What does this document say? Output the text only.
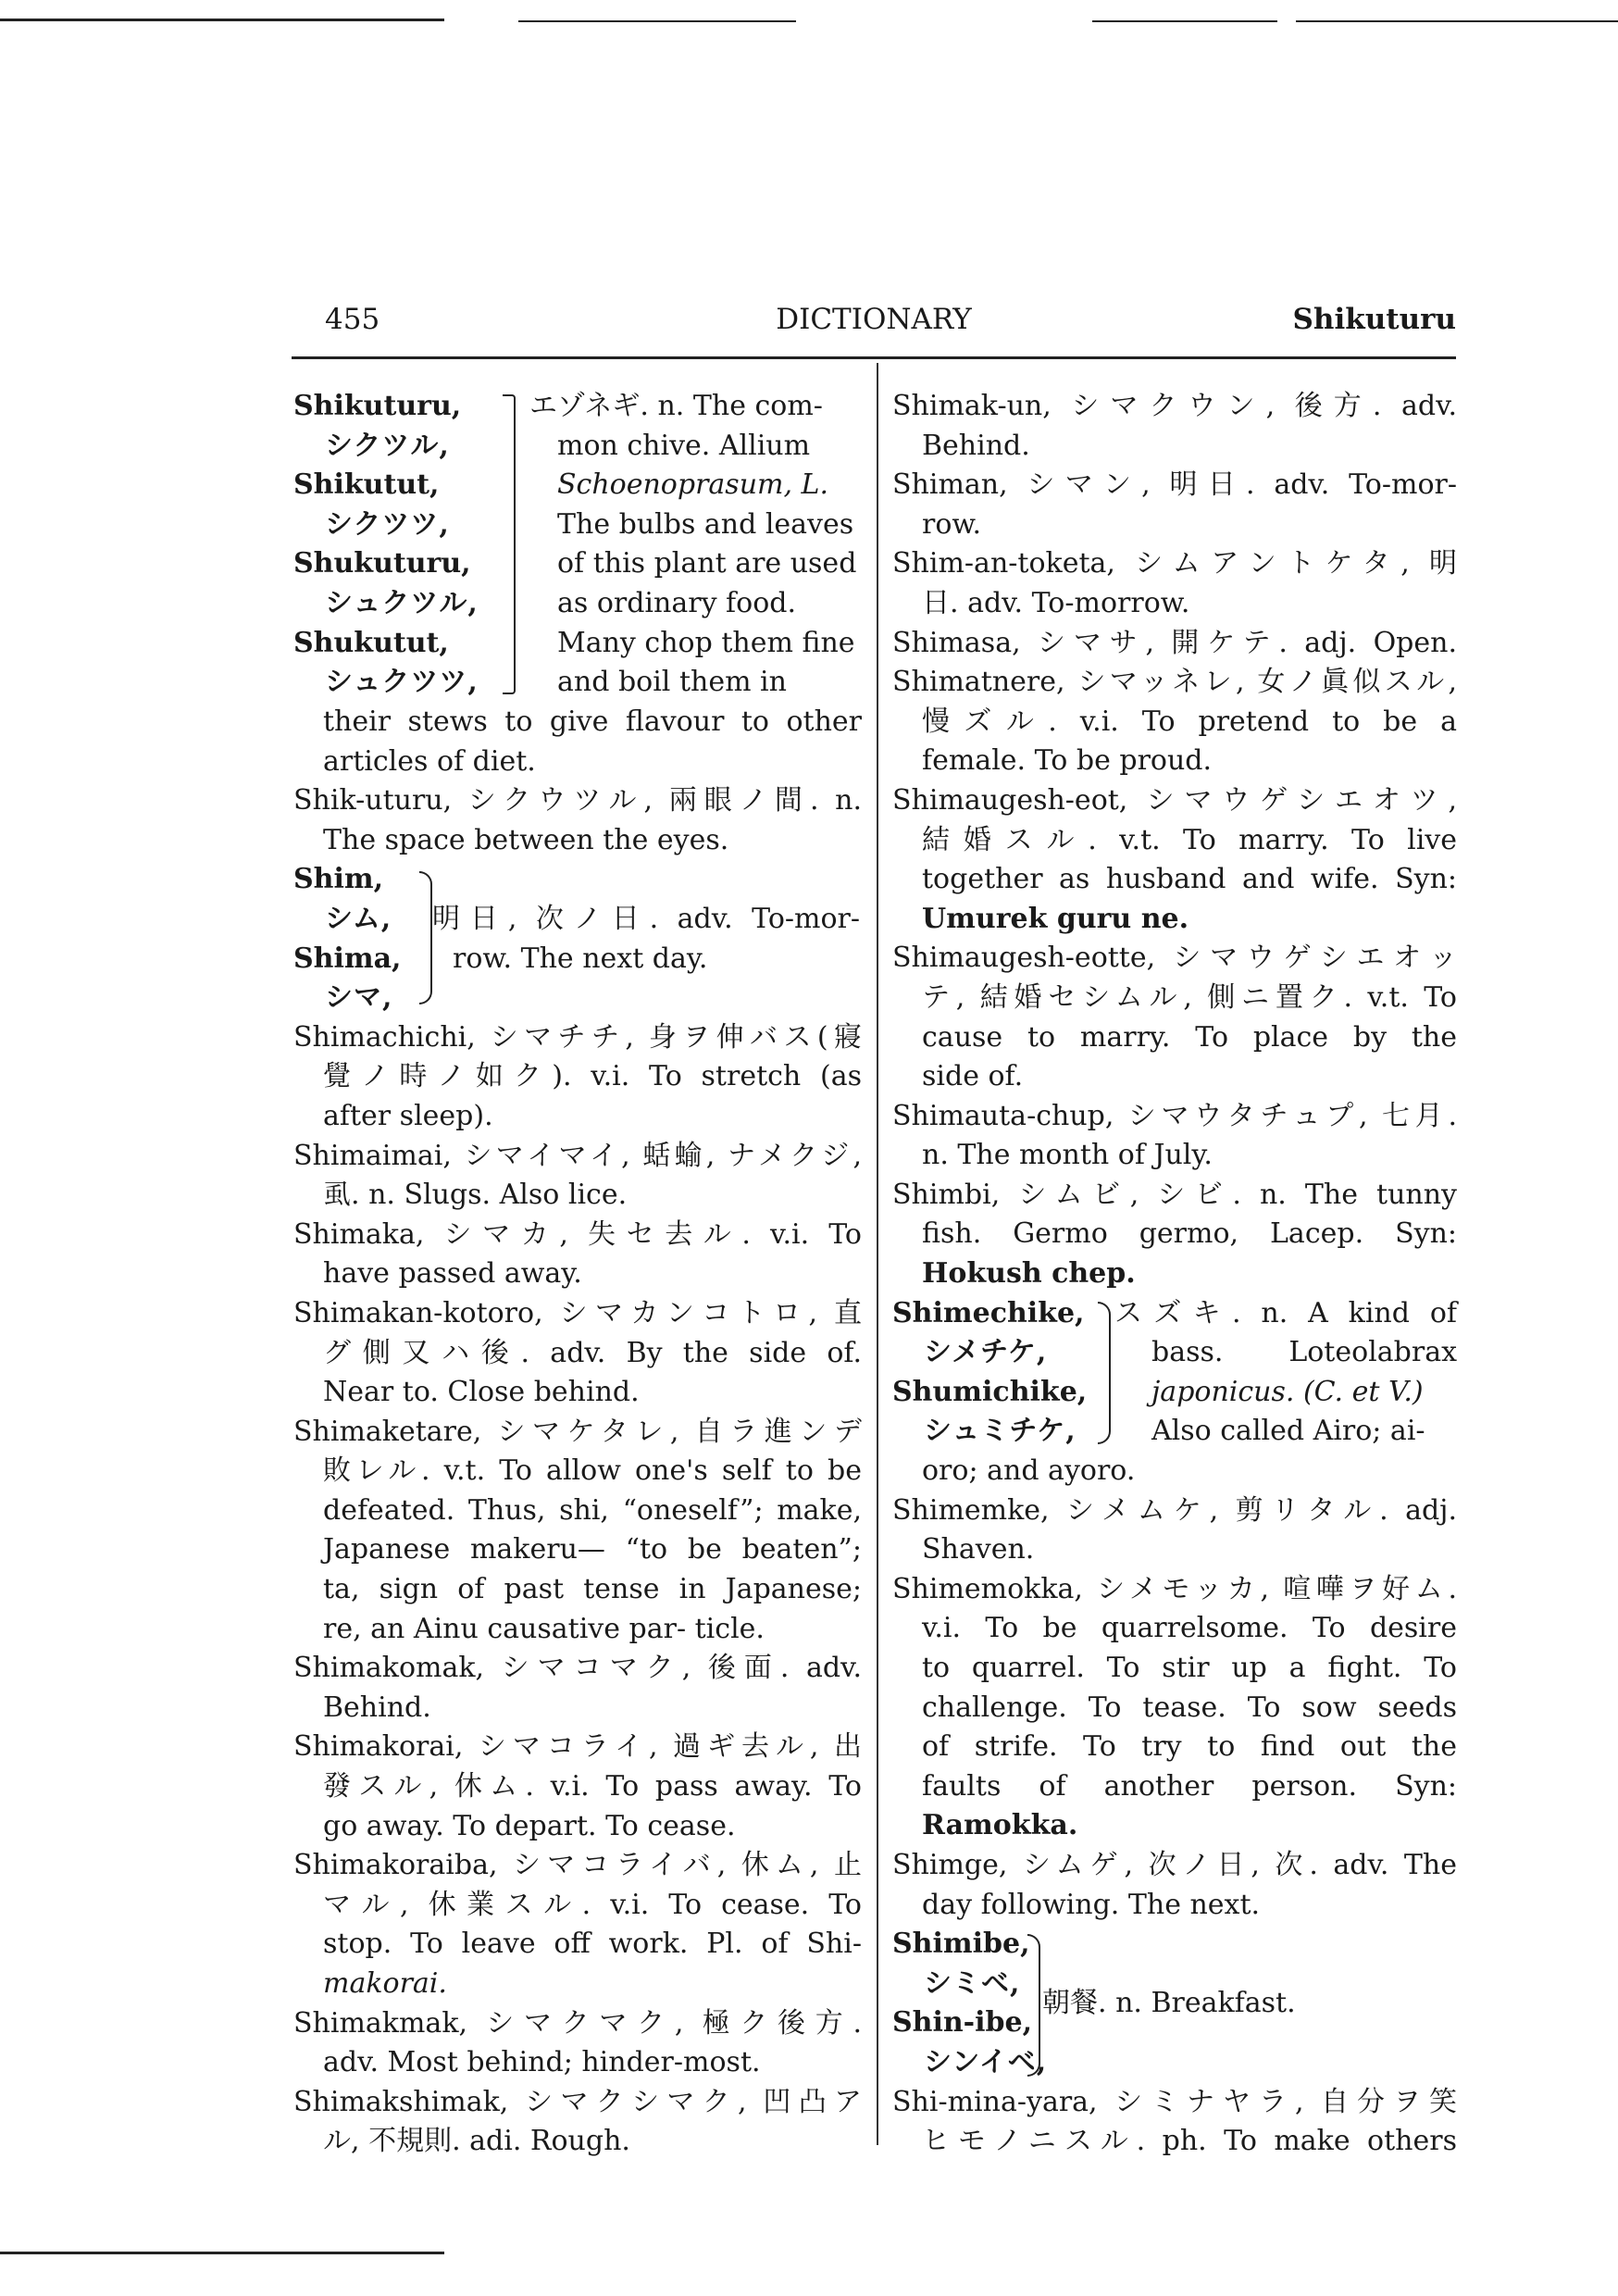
455	DICTIONARY	Shikuturu
Shikuturu,
シクツル,
Shikutut,
シクツツ,
Shukuturu,
シュクツル,
Shukutut,
シュクツツ,
エゾネギ. n. The com-
mon chive. Allium
Schoenoprasum, L.
The bulbs and leaves
of this plant are used
as ordinary food.
Many chop them fine
and boil them in
their stews to give flavour to other
articles of diet.
Shik-uturu, シクウツル, 兩眼ノ間. n.
The space between the eyes.
Shim,
シム,
Shima,
シマ,
明日, 次ノ日. adv. To-mor-
row. The next day.
Shimachichi, シマチチ, 身ヲ伸バス(寢
覺ノ時ノ如ク). v.i. To stretch (as
after sleep).
Shimaimai, シマイマイ, 蛞蝓, ナメクジ,
虱. n. Slugs. Also lice.
Shimaka, シマカ, 失セ去ル. v.i. To
have passed away.
Shimakan-kotoro, シマカンコトロ, 直
グ側又ハ後. adv. By the side of.
Near to. Close behind.
Shimaketare, シマケタレ, 自ラ進ンデ
敗レル. v.t. To allow one's self to be
defeated. Thus, shi, “oneself”; make,
Japanese makeru— “to be beaten”;
ta, sign of past tense in Japanese;
re, an Ainu causative par- ticle.
Shimakomak, シマコマク, 後面. adv.
Behind.
Shimakorai, シマコライ, 過ギ去ル, 出
發スル, 休ム. v.i. To pass away. To
go away. To depart. To cease.
Shimakoraiba, シマコライバ, 休ム, 止
マル, 休業スル. v.i. To cease. To
stop. To leave off work. Pl. of Shi-
makorai.
Shimakmak, シマクマク, 極ク後方.
adv. Most behind; hinder-most.
Shimakshimak, シマクシマク, 凹凸ア
ル, 不規則. adi. Rough.
Shimak-un, シマクウン, 後方. adv.
Behind.
Shiman, シマン, 明日. adv. To-mor-
row.
Shim-an-toketa, シムアントケタ, 明
日. adv. To-morrow.
Shimasa, シマサ, 開ケテ. adj. Open.
Shimatnere, シマッネレ, 女ノ眞似スル,
慢ズル. v.i. To pretend to be a
female. To be proud.
Shimaugesh-eot, シマウゲシエオツ,
結婚スル. v.t. To marry. To live
together as husband and wife. Syn:
Umurek guru ne.
Shimaugesh-eotte, シマウゲシエオッ
テ, 結婚セシムル, 側ニ置ク. v.t. To
cause to marry. To place by the
side of.
Shimauta-chup, シマウタチュプ, 七月.
n. The month of July.
Shimbi, シムビ, シビ. n. The tunny
fish. Germo germo, Lacep. Syn:
Hokush chep.
Shimechike,
シメチケ,
Shumichike,
シュミチケ,
スズキ. n. A kind of
bass. Loteolabrax
japonicus. (C. et V.)
Also called Airo; ai-
oro; and ayoro.
Shimemke, シメムケ, 剪リタル. adj.
Shaven.
Shimemokka, シメモッカ, 喧嘩ヲ好ム.
v.i. To be quarrelsome. To desire
to quarrel. To stir up a fight. To
challenge. To tease. To sow seeds
of strife. To try to find out the
faults of another person. Syn:
Ramokka.
Shimge, シムゲ, 次ノ日, 次. adv. The
day following. The next.
Shimibe,
シミベ,
Shin-ibe,
シンイベ,
朝餐. n. Breakfast.
Shi-mina-yara, シミナヤラ, 自分ヲ笑
ヒモノニスル. ph. To make others
